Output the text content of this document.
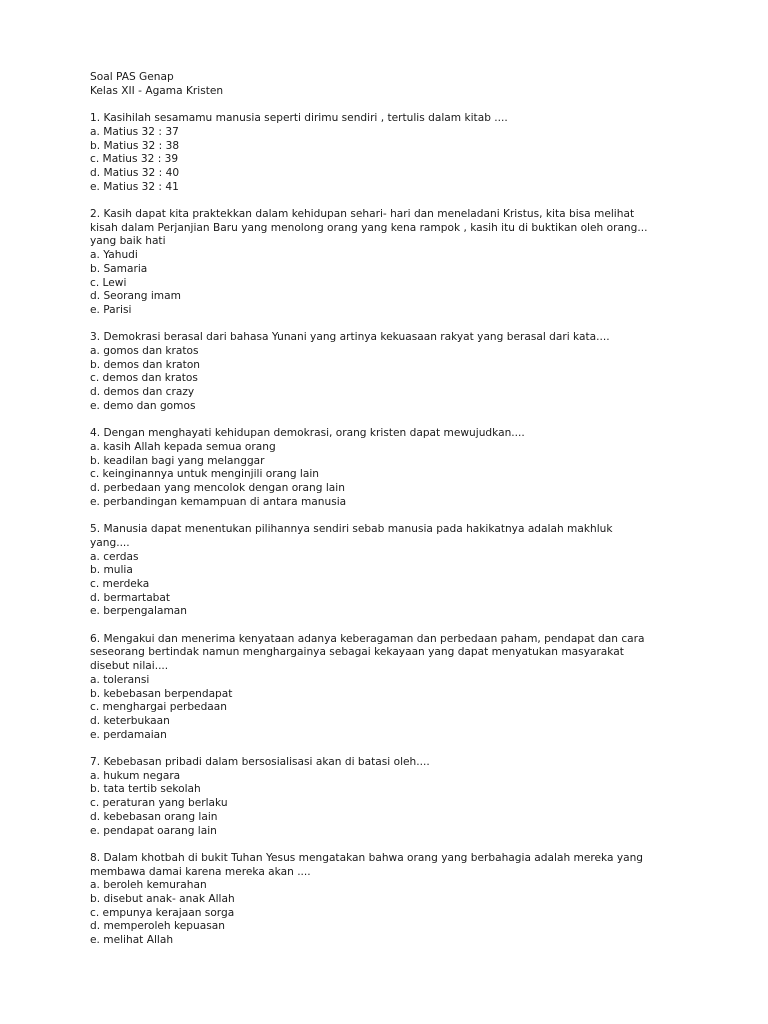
Soal PAS Genap
Kelas XII - Agama Kristen
1. Kasihilah sesamamu manusia seperti dirimu sendiri , tertulis dalam kitab ....
a. Matius 32 : 37
b. Matius 32 : 38
c. Matius 32 : 39
d. Matius 32 : 40
e. Matius 32 : 41
2. Kasih dapat kita praktekkan dalam kehidupan sehari- hari dan meneladani Kristus, kita bisa melihat
kisah dalam Perjanjian Baru yang menolong orang yang kena rampok , kasih itu di buktikan oleh orang...
yang baik hati
a. Yahudi
b. Samaria
c. Lewi
d. Seorang imam
e. Parisi
3. Demokrasi berasal dari bahasa Yunani yang artinya kekuasaan rakyat yang berasal dari kata....
a. gomos dan kratos
b. demos dan kraton
c. demos dan kratos
d. demos dan crazy
e. demo dan gomos
4. Dengan menghayati kehidupan demokrasi, orang kristen dapat mewujudkan....
a. kasih Allah kepada semua orang
b. keadilan bagi yang melanggar
c. keinginannya untuk menginjili orang lain
d. perbedaan yang mencolok dengan orang lain
e. perbandingan kemampuan di antara manusia
5. Manusia dapat menentukan pilihannya sendiri sebab manusia pada hakikatnya adalah makhluk
yang....
a. cerdas
b. mulia
c. merdeka
d. bermartabat
e. berpengalaman
6. Mengakui dan menerima kenyataan adanya keberagaman dan perbedaan paham, pendapat dan cara
seseorang bertindak namun menghargainya sebagai kekayaan yang dapat menyatukan masyarakat
disebut nilai....
a. toleransi
b. kebebasan berpendapat
c. menghargai perbedaan
d. keterbukaan
e. perdamaian
7. Kebebasan pribadi dalam bersosialisasi akan di batasi oleh....
a. hukum negara
b. tata tertib sekolah
c. peraturan yang berlaku
d. kebebasan orang lain
e. pendapat oarang lain
8. Dalam khotbah di bukit Tuhan Yesus mengatakan bahwa orang yang berbahagia adalah mereka yang
membawa damai karena mereka akan ....
a. beroleh kemurahan
b. disebut anak- anak Allah
c. empunya kerajaan sorga
d. memperoleh kepuasan
e. melihat Allah
